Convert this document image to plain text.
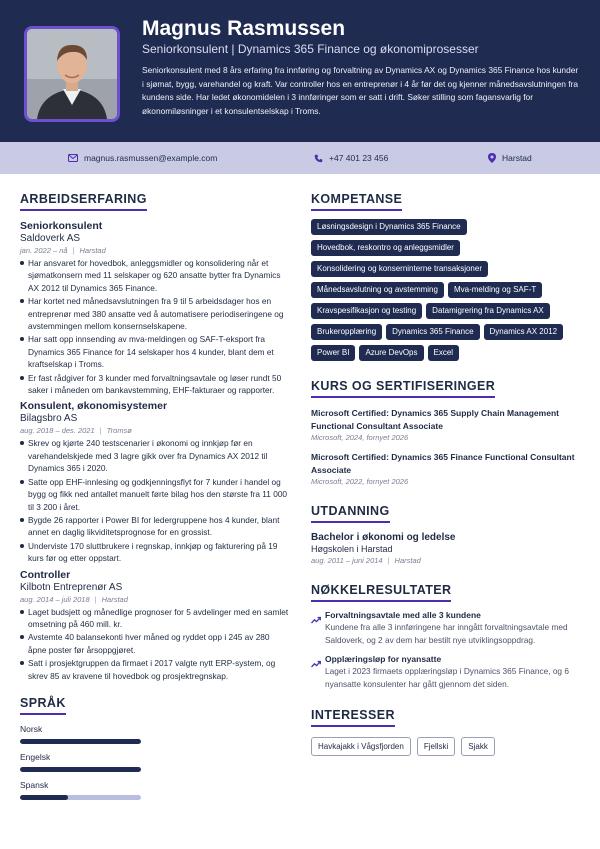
Magnus Rasmussen
Seniorkonsulent | Dynamics 365 Finance og økonomiprosesser
Seniorkonsulent med 8 års erfaring fra innføring og forvaltning av Dynamics AX og Dynamics 365 Finance hos kunder i sjømat, bygg, varehandel og kraft. Var controller hos en entreprenør i 4 år før det og kjenner månedsavslutningen fra kundens side. Har ledet økonomidelen i 3 innføringer som er satt i drift. Søker stilling som fagansvarlig for økonomiløsninger i et konsulentselskap i Troms.
magnus.rasmussen@example.com	+47 401 23 456	Harstad
ARBEIDSERFARING
Seniorkonsulent
Saldoverk AS
jan. 2022 – nå | Harstad
Har ansvaret for hovedbok, anleggsmidler og konsolidering når et sjømatkonsern med 11 selskaper og 620 ansatte bytter fra Dynamics AX 2012 til Dynamics 365 Finance.
Har kortet ned månedsavslutningen fra 9 til 5 arbeidsdager hos en entreprenør med 380 ansatte ved å automatisere periodiseringene og avstemmingen mellom konsernselskapene.
Har satt opp innsending av mva-meldingen og SAF-T-eksport fra Dynamics 365 Finance for 14 selskaper hos 4 kunder, blant dem et kraftselskap i Troms.
Er fast rådgiver for 3 kunder med forvaltningsavtale og løser rundt 50 saker i måneden om bankavstemming, EHF-fakturaer og rapporter.
Konsulent, økonomisystemer
Bilagsbro AS
aug. 2018 – des. 2021 | Tromsø
Skrev og kjørte 240 testscenarier i økonomi og innkjøp før en varehandelskjede med 3 lagre gikk over fra Dynamics AX 2012 til Dynamics 365 i 2020.
Satte opp EHF-innlesing og godkjenningsflyt for 7 kunder i handel og bygg og fikk ned antallet manuelt førte bilag hos den største fra 11 000 til 3 200 i året.
Bygde 26 rapporter i Power BI for ledergruppene hos 4 kunder, blant annet en daglig likviditetsprognose for en grossist.
Underviste 170 sluttbrukere i regnskap, innkjøp og fakturering på 19 kurs før og etter oppstart.
Controller
Kilbotn Entreprenør AS
aug. 2014 – juli 2018 | Harstad
Laget budsjett og månedlige prognoser for 5 avdelinger med en samlet omsetning på 460 mill. kr.
Avstemte 40 balansekonti hver måned og ryddet opp i 245 av 280 åpne poster før årsoppgjøret.
Satt i prosjektgruppen da firmaet i 2017 valgte nytt ERP-system, og skrev 85 av kravene til hovedbok og prosjektregnskap.
SPRÅK
Norsk
Engelsk
Spansk
KOMPETANSE
Løsningsdesign i Dynamics 365 Finance
Hovedbok, reskontro og anleggsmidler
Konsolidering og konserninterne transaksjoner
Månedsavslutning og avstemming	Mva-melding og SAF-T
Kravspesifikasjon og testing	Datamigrering fra Dynamics AX
Brukeropplæring	Dynamics 365 Finance	Dynamics AX 2012
Power BI	Azure DevOps	Excel
KURS OG SERTIFISERINGER
Microsoft Certified: Dynamics 365 Supply Chain Management Functional Consultant Associate
Microsoft, 2024, fornyet 2026
Microsoft Certified: Dynamics 365 Finance Functional Consultant Associate
Microsoft, 2022, fornyet 2026
UTDANNING
Bachelor i økonomi og ledelse
Høgskolen i Harstad
aug. 2011 – juni 2014 | Harstad
NØKKELRESULTATER
Forvaltningsavtale med alle 3 kundene
Kundene fra alle 3 innføringene har inngått forvaltningsavtale med Saldoverk, og 2 av dem har bestilt nye utviklingsoppdrag.
Opplæringsløp for nyansatte
Laget i 2023 firmaets opplæringsløp i Dynamics 365 Finance, og 6 nyansatte konsulenter har gått gjennom det siden.
INTERESSER
Havkajakk i Vågsfjorden	Fjellski	Sjakk
